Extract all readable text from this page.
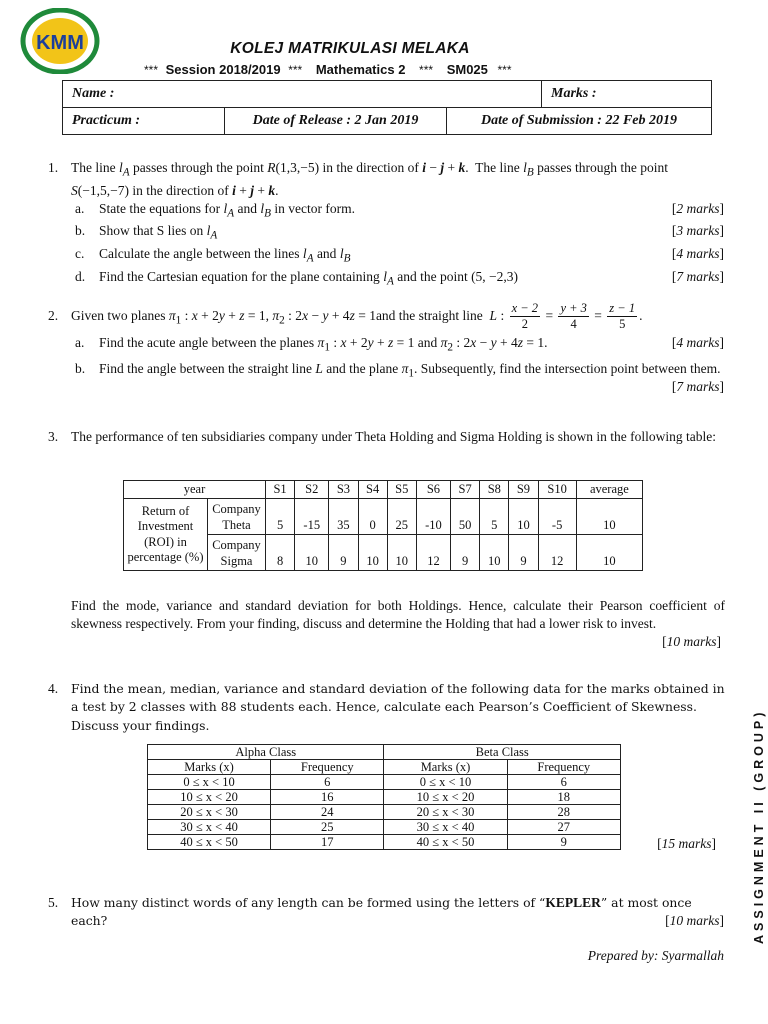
KMM	KOLEJ MATRIKULASI MELAKA
*** Session 2018/2019 *** Mathematics 2 *** SM025 ***
Name :			Marks :
Practicum :	Date of Release : 2 Jan 2019	Date of Submission : 22 Feb 2019	
1. The line $l_A$ passes through the point R(1,3,−5) in the direction of i − j + k.  The line $l_B$ passes through the point S(−1,5,−7) in the direction of i + j + k.
a. State the equations for $l_A$ and $l_B$ in vector form.	[2 marks]
b. Show that S lies on $l_A$	[3 marks]
c. Calculate the angle between the lines $l_A$ and $l_B$	[4 marks]
d. Find the Cartesian equation for the plane containing $l_A$ and the point (5, −2,3)	[7 marks]
2. Given two planes $\pi_1$ : x + 2y + z = 1, $\pi_2$ : 2x − y + 4z = 1and the straight line  L : $\frac{x - 2}{2} = \frac{y + 3}{4} = \frac{z - 1}{5}$ .
a. Find the acute angle between the planes $\pi_1$ : x + 2y + z = 1 and $\pi_2$ : 2x − y + 4z = 1.	[4 marks]
b. Find the angle between the straight line L and the plane $\pi_1$. Subsequently, find the intersection point between them.
[7 marks]
3. The performance of ten subsidiaries company under Theta Holding and Sigma Holding is shown in the following table:
year		S1	S2	S3	S4	S5	S6	S7	S8	S9	S10	average
Return of Investment (ROI) in percentage (%)	Company Theta	5	-15	35	0	25	-10	50	5	10	-5	10
	Company Sigma	8	10	9	10	10	12	9	10	9	12	10
Find the mode, variance and standard deviation for both Holdings. Hence, calculate their Pearson coefficient of skewness respectively. From your finding, discuss and determine the Holding that had a lower risk to invest.
[10 marks]
4. Find the mean, median, variance and standard deviation of the following data for the marks obtained in a test by 2 classes with 88 students each. Hence, calculate each Pearson’s Coefficient of Skewness. Discuss your findings.
Alpha Class		Beta Class	
Marks (x)	Frequency	Marks (x)	Frequency
0 ≤ x < 10	6	0 ≤ x < 10	6
10 ≤ x < 20	16	10 ≤ x < 20	18
20 ≤ x < 30	24	20 ≤ x < 30	28
30 ≤ x < 40	25	30 ≤ x < 40	27
40 ≤ x < 50	17	40 ≤ x < 50	9	[15 marks]
5. How many distinct words of any length can be formed using the letters of “KEPLER” at most once each?	[10 marks]
Prepared by: Syarmallah
ASSIGNMENT II (GROUP)
